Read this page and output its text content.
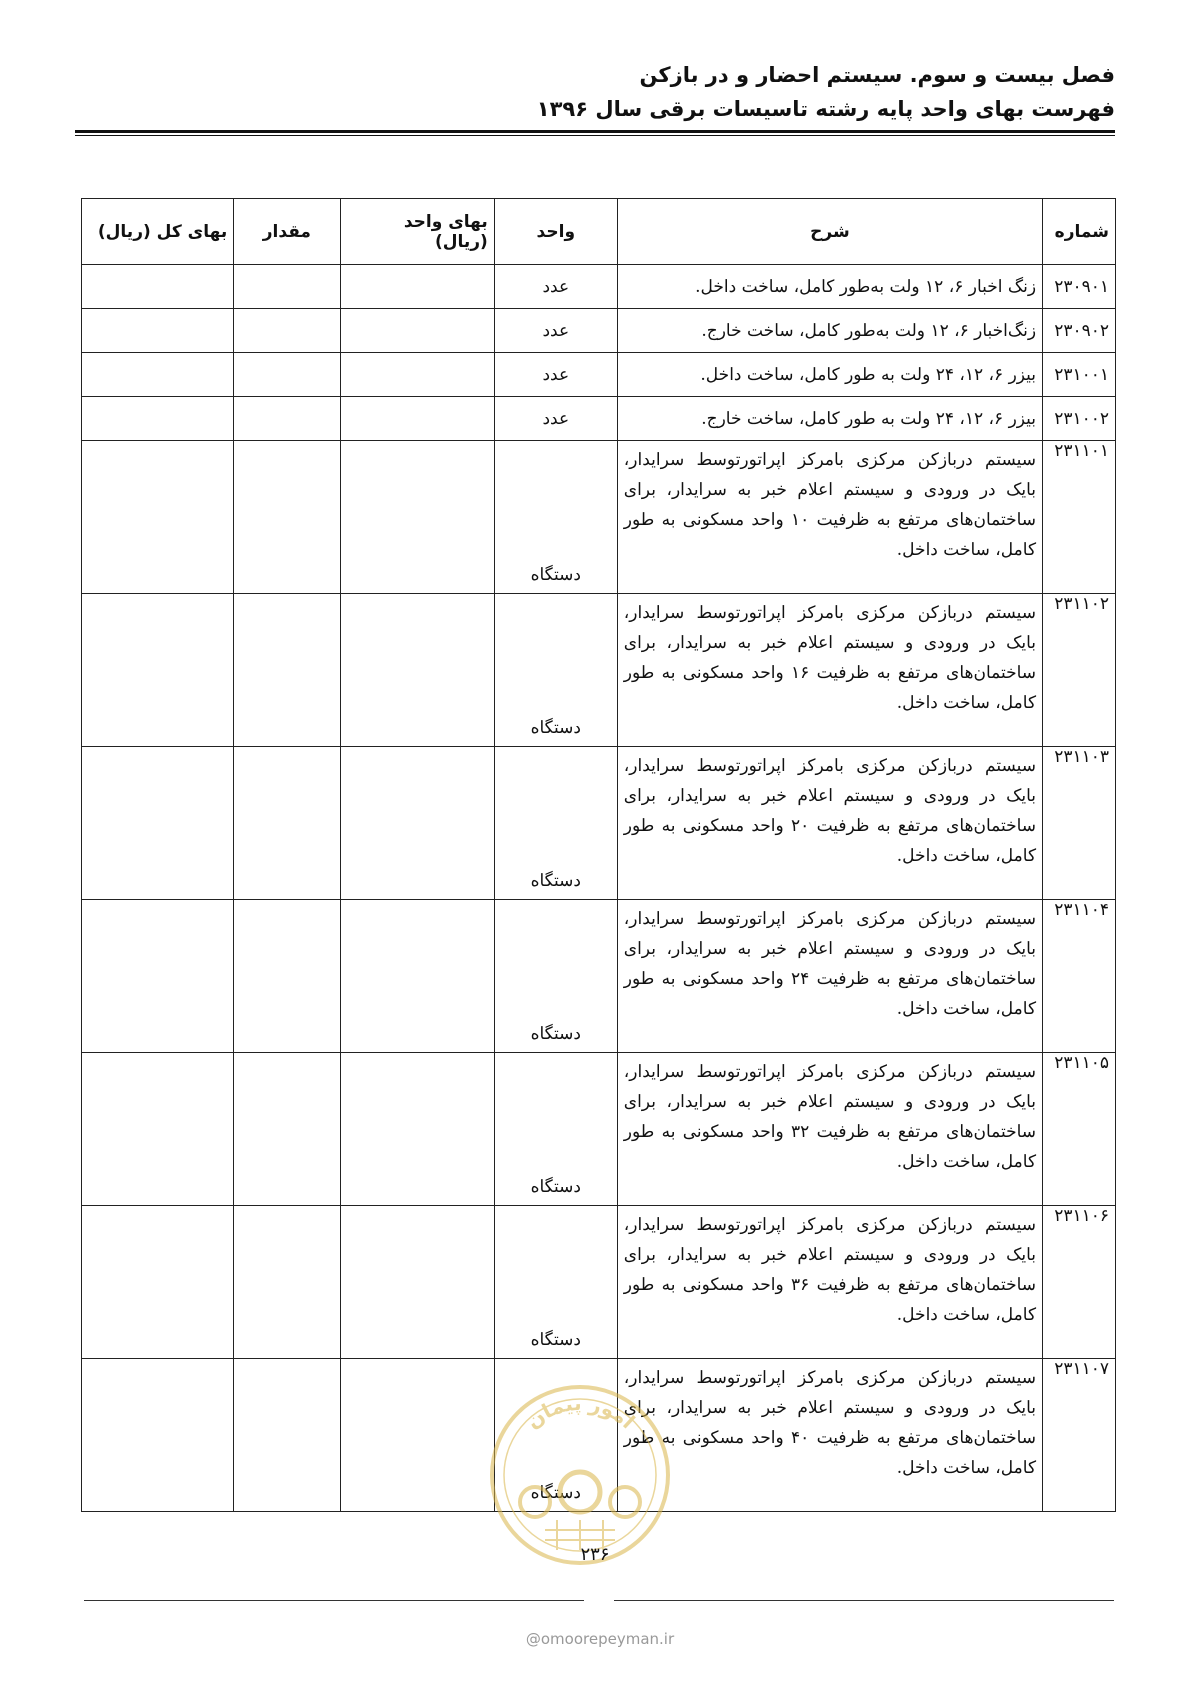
فصل بیست و سوم. سیستم احضار و در بازکن
فهرست بهای واحد پایه رشته تاسیسات برقی سال ۱۳۹۶
شماره	شرح	واحد	بهای واحد (ریال)	مقدار	بهای کل (ریال)
۲۳۰۹۰۱	زنگ اخبار ۶، ۱۲ ولت به‌طور کامل، ساخت داخل.	عدد			
۲۳۰۹۰۲	زنگ‌اخبار ۶، ۱۲ ولت به‌طور کامل، ساخت خارج.	عدد			
۲۳۱۰۰۱	بیزر ۶، ۱۲، ۲۴ ولت به طور کامل، ساخت داخل.	عدد			
۲۳۱۰۰۲	بیزر ۶، ۱۲، ۲۴ ولت به طور کامل، ساخت خارج.	عدد			
۲۳۱۱۰۱	سیستم دربازکن مرکزی بامرکز اپراتورتوسط سرایدار، بایک در ورودی و سیستم اعلام خبر به سرایدار، برای ساختمان‌های مرتفع به ظرفیت ۱۰ واحد مسکونی به طور کامل، ساخت داخل.	دستگاه			
۲۳۱۱۰۲	سیستم دربازکن مرکزی بامرکز اپراتورتوسط سرایدار، بایک در ورودی و سیستم اعلام خبر به سرایدار، برای ساختمان‌های مرتفع به ظرفیت ۱۶ واحد مسکونی به طور کامل، ساخت داخل.	دستگاه			
۲۳۱۱۰۳	سیستم دربازکن مرکزی بامرکز اپراتورتوسط سرایدار، بایک در ورودی و سیستم اعلام خبر به سرایدار، برای ساختمان‌های مرتفع به ظرفیت ۲۰ واحد مسکونی به طور کامل، ساخت داخل.	دستگاه			
۲۳۱۱۰۴	سیستم دربازکن مرکزی بامرکز اپراتورتوسط سرایدار، بایک در ورودی و سیستم اعلام خبر به سرایدار، برای ساختمان‌های مرتفع به ظرفیت ۲۴ واحد مسکونی به طور کامل، ساخت داخل.	دستگاه			
۲۳۱۱۰۵	سیستم دربازکن مرکزی بامرکز اپراتورتوسط سرایدار، بایک در ورودی و سیستم اعلام خبر به سرایدار، برای ساختمان‌های مرتفع به ظرفیت ۳۲ واحد مسکونی به طور کامل، ساخت داخل.	دستگاه			
۲۳۱۱۰۶	سیستم دربازکن مرکزی بامرکز اپراتورتوسط سرایدار، بایک در ورودی و سیستم اعلام خبر به سرایدار، برای ساختمان‌های مرتفع به ظرفیت ۳۶ واحد مسکونی به طور کامل، ساخت داخل.	دستگاه			
۲۳۱۱۰۷	سیستم دربازکن مرکزی بامرکز اپراتورتوسط سرایدار، بایک در ورودی و سیستم اعلام خبر به سرایدار، برای ساختمان‌های مرتفع به ظرفیت ۴۰ واحد مسکونی به طور کامل، ساخت داخل.	دستگاه			
امور پیمان
۲۳۶
@omoorepeyman.ir
